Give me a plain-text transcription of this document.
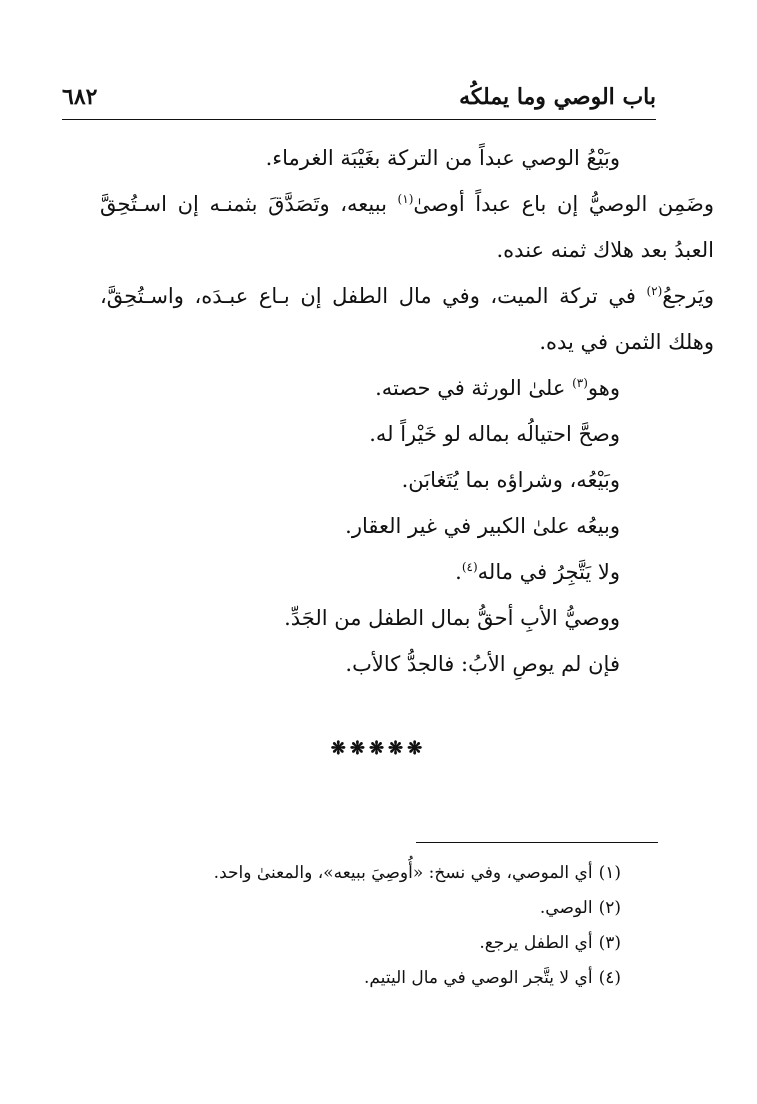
باب الوصي وما يملكُه
٦٨٢

وبَيْعُ الوصي عبداً من التركة بغَيْبَة الغرماء.

وضَمِن الوصيُّ إن باع عبداً أوصىٰ$^{(١)}$ ببيعه، وتَصَدَّقَ بثمنـه إن اسـتُحِقَّ العبدُ بعد هلاك ثمنه عنده.

ويَرجعُ$^{(٢)}$ في تركة الميت، وفي مال الطفل إن بـاع عبـدَه، واسـتُحِقَّ، وهلك الثمن في يده.

وهو$^{(٣)}$ علىٰ الورثة في حصته.

وصحَّ احتيالُه بماله لو خَيْراً له.

وبَيْعُه، وشراؤه بما يُتَغابَن.

وبيعُه علىٰ الكبير في غير العقار.

ولا يَتَّجِرُ في ماله$^{(٤)}$.

ووصيُّ الأبِ أحقُّ بمال الطفل من الجَدِّ.

فإن لم يوصِ الأبُ: فالجدُّ كالأب.

❋❋❋❋❋

(١)أي الموصي، وفي نسخ: «أُوصِيَ ببيعه»، والمعنىٰ واحد.

(٢)الوصي.

(٣)أي الطفل يرجع.

(٤)أي لا يتَّجر الوصي في مال اليتيم.
